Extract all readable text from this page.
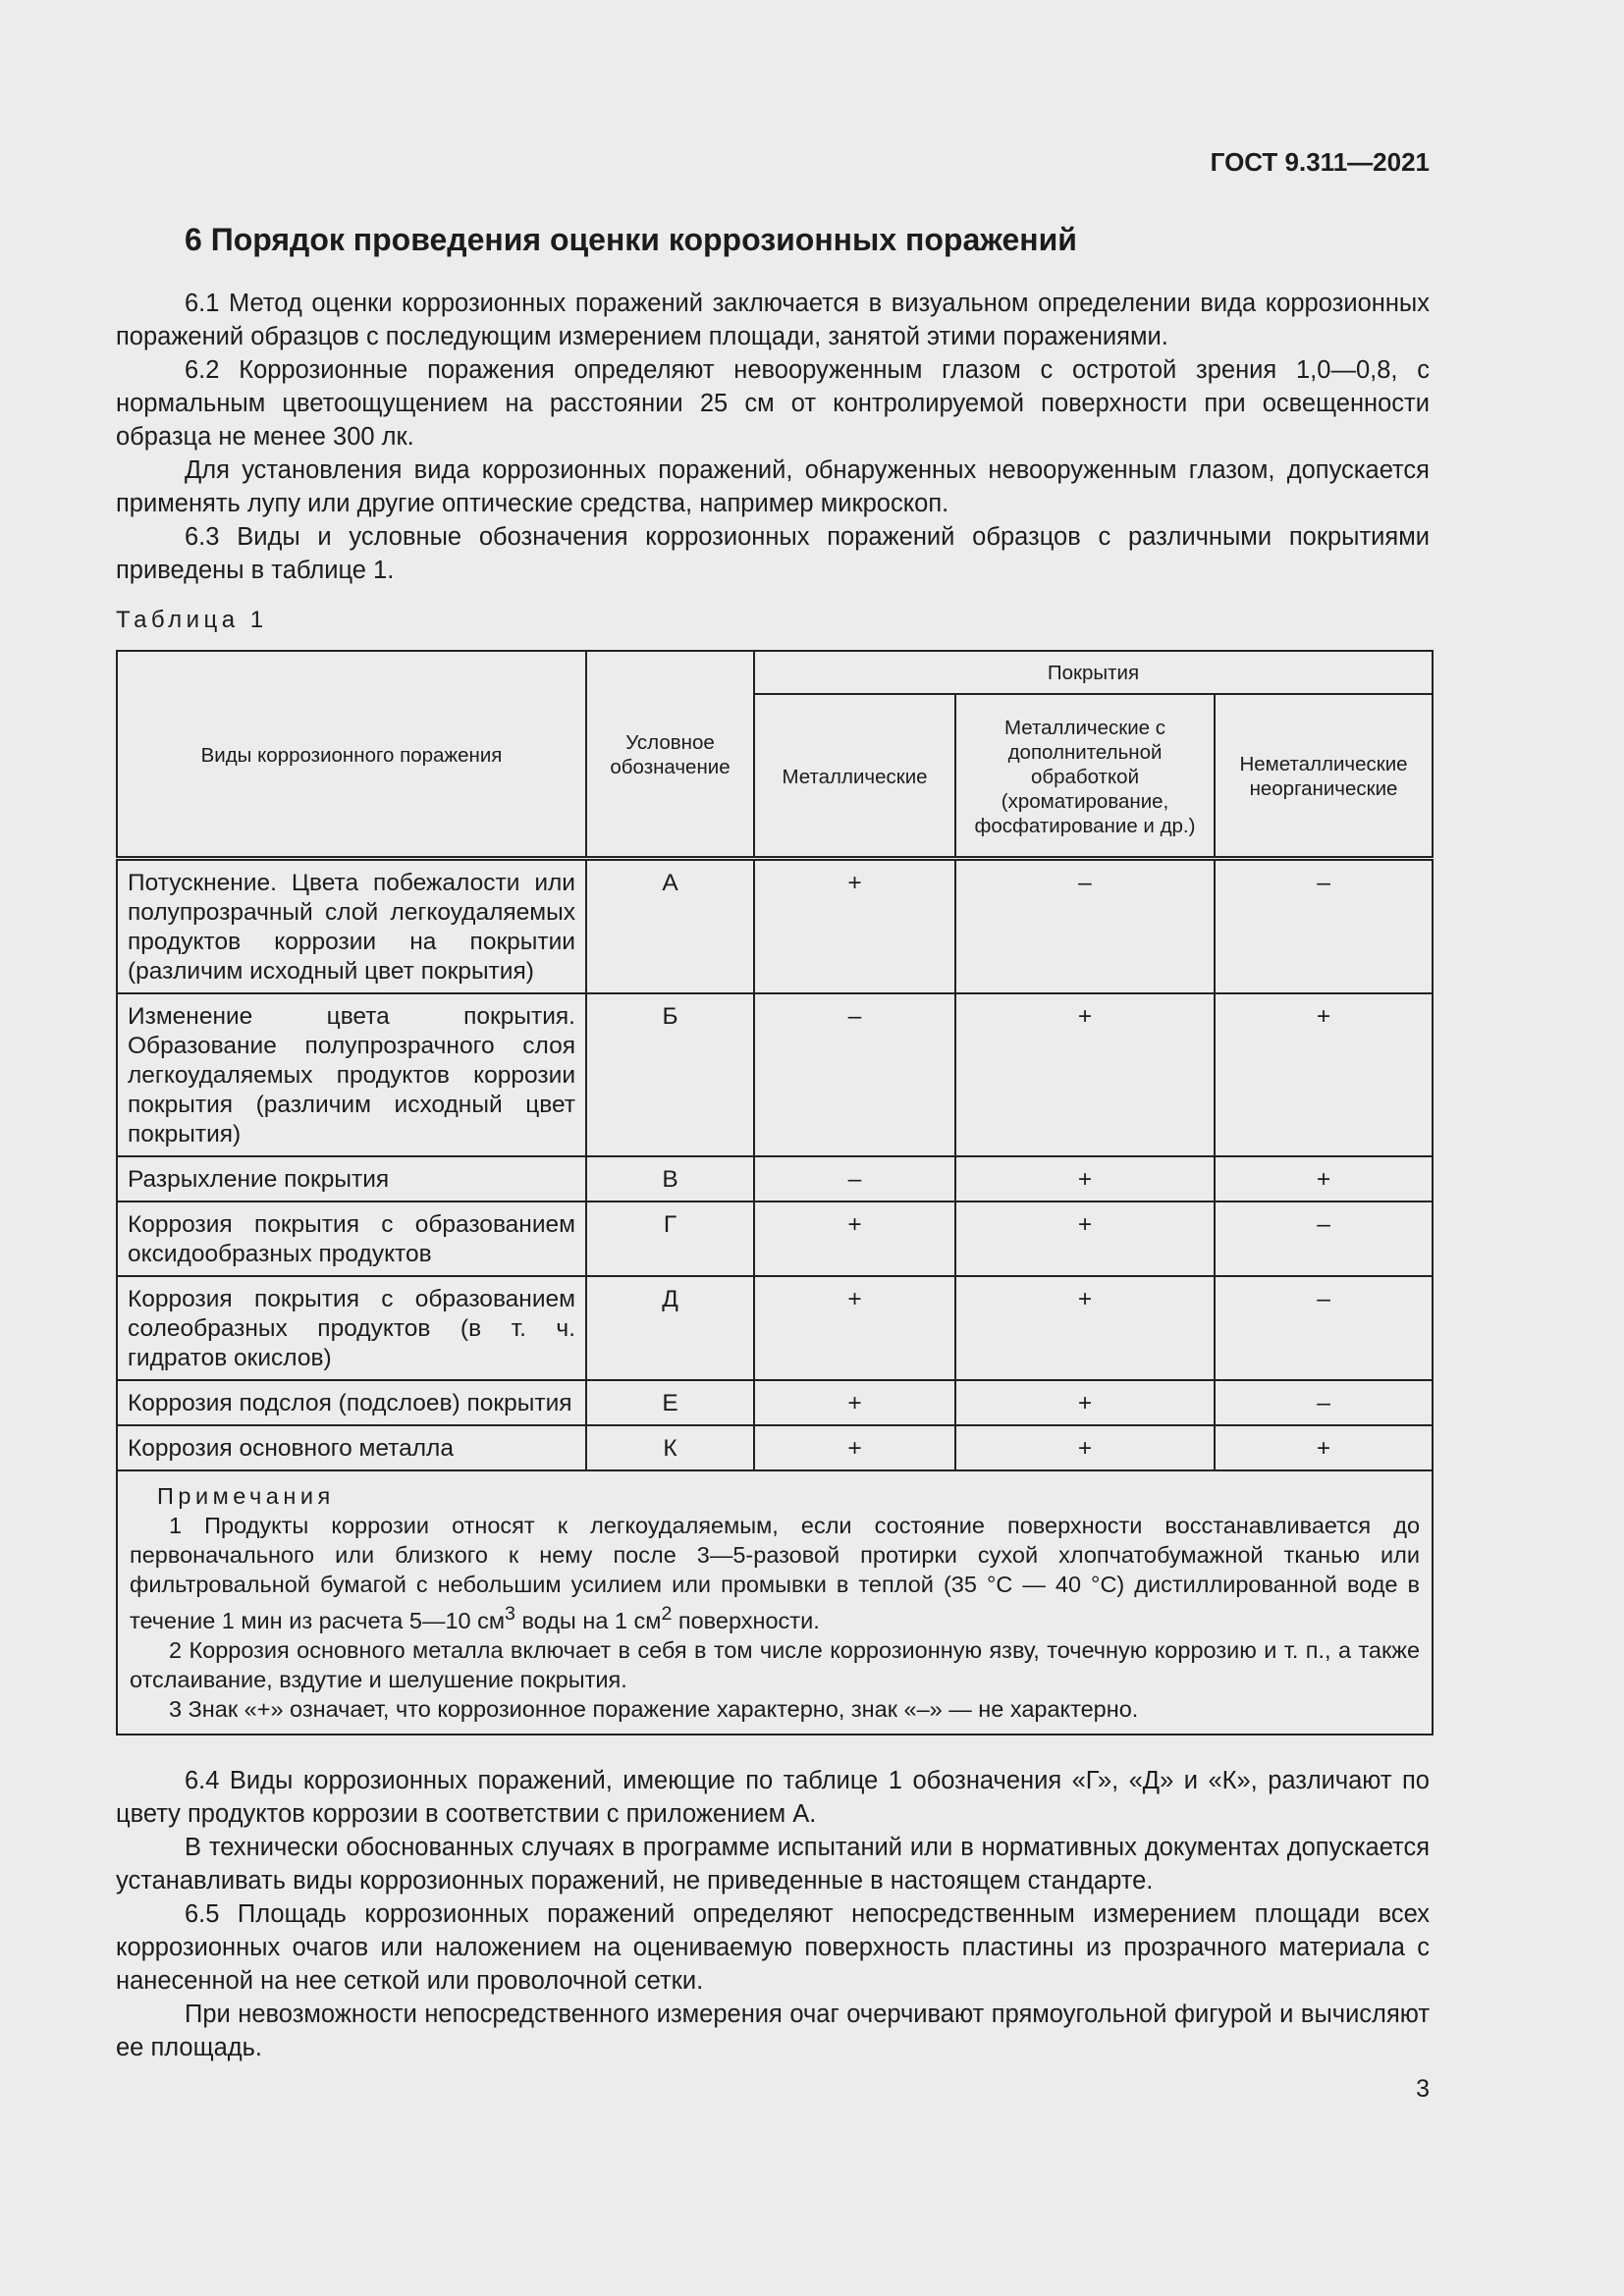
ГОСТ 9.311—2021
6 Порядок проведения оценки коррозионных поражений

6.1 Метод оценки коррозионных поражений заключается в визуальном определении вида коррозионных поражений образцов с последующим измерением площади, занятой этими поражениями.

6.2 Коррозионные поражения определяют невооруженным глазом с остротой зрения 1,0—0,8, с нормальным цветоощущением на расстоянии 25 см от контролируемой поверхности при освещенности образца не менее 300 лк.

Для установления вида коррозионных поражений, обнаруженных невооруженным глазом, допускается применять лупу или другие оптические средства, например микроскоп.

6.3 Виды и условные обозначения коррозионных поражений образцов с различными покрытиями приведены в таблице 1.

Таблица 1
Виды коррозионного поражения	Условное обозначение	Покрытия		
		Металлические	Металлические с дополнительной обработкой (хроматирование, фосфатирование и др.)	Неметаллические неорганические
Потускнение. Цвета побежалости или полупрозрачный слой легкоудаляемых продуктов коррозии на покрытии (различим исходный цвет покрытия)	А	+	–	–
Изменение цвета покрытия. Образование полупрозрачного слоя легкоудаляемых продуктов коррозии покрытия (различим исходный цвет покрытия)	Б	–	+	+
Разрыхление покрытия	В	–	+	+
Коррозия покрытия с образованием оксидообразных продуктов	Г	+	+	–
Коррозия покрытия с образованием солеобразных продуктов (в т. ч. гидратов окислов)	Д	+	+	–
Коррозия подслоя (подслоев) покрытия	Е	+	+	–
Коррозия основного металла	К	+	+	+

Примечания

1 Продукты коррозии относят к легкоудаляемым, если состояние поверхности восстанавливается до первоначального или близкого к нему после 3—5-разовой протирки сухой хлопчатобумажной тканью или фильтровальной бумагой с небольшим усилием или промывки в теплой (35 °С — 40 °С) дистиллированной воде в течение 1 мин из расчета 5—10 $см^3$ воды на 1 $см^2$ поверхности.

2 Коррозия основного металла включает в себя в том числе коррозионную язву, точечную коррозию и т. п., а также отслаивание, вздутие и шелушение покрытия.

3 Знак «+» означает, что коррозионное поражение характерно, знак «–» — не характерно.				

6.4 Виды коррозионных поражений, имеющие по таблице 1 обозначения «Г», «Д» и «К», различают по цвету продуктов коррозии в соответствии с приложением А.

В технически обоснованных случаях в программе испытаний или в нормативных документах допускается устанавливать виды коррозионных поражений, не приведенные в настоящем стандарте.

6.5 Площадь коррозионных поражений определяют непосредственным измерением площади всех коррозионных очагов или наложением на оцениваемую поверхность пластины из прозрачного материала с нанесенной на нее сеткой или проволочной сетки.

При невозможности непосредственного измерения очаг очерчивают прямоугольной фигурой и вычисляют ее площадь.

3
